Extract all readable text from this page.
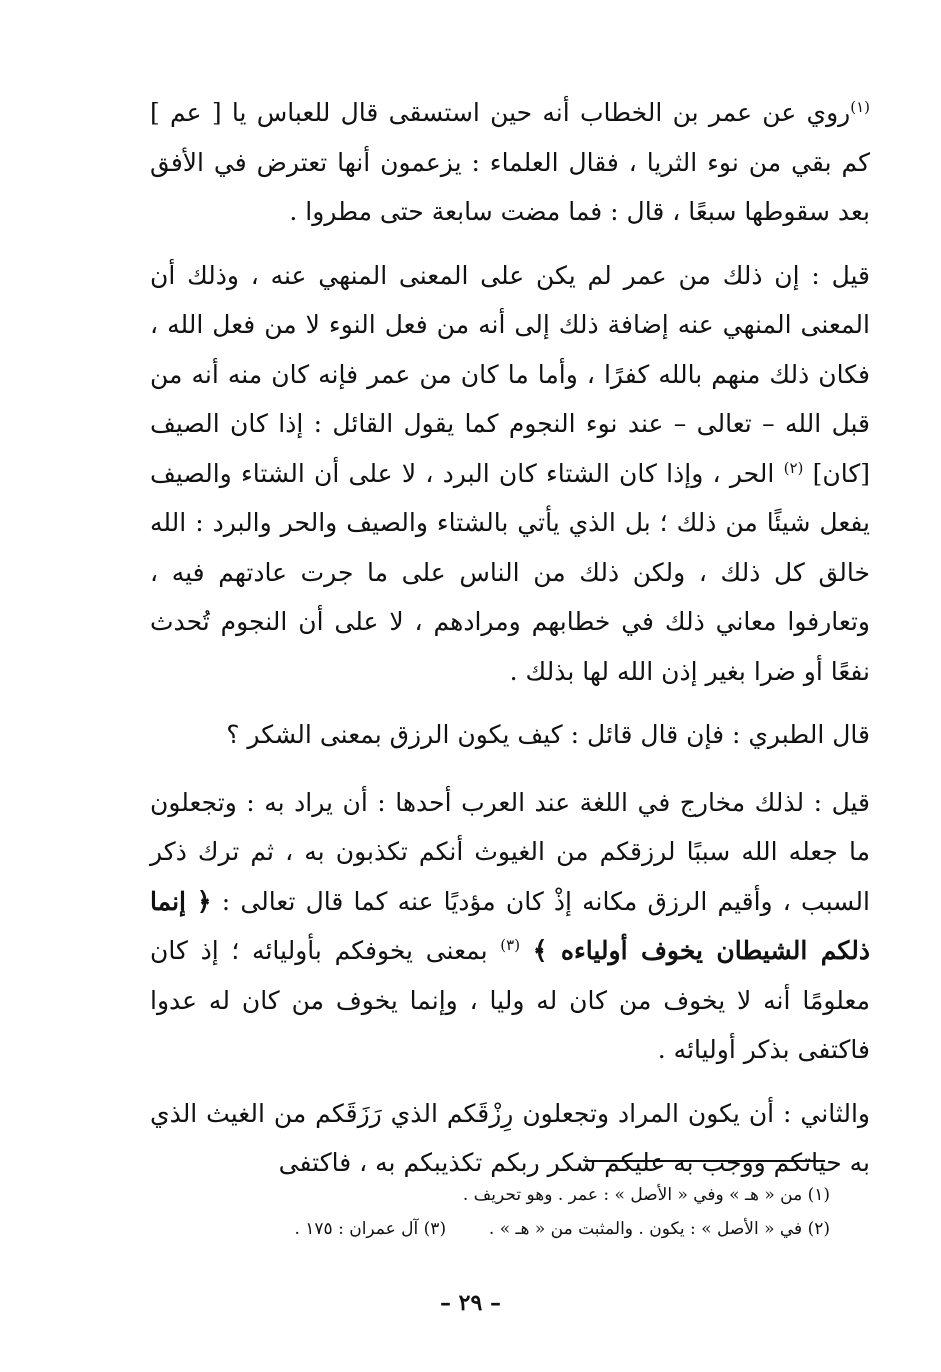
$^{(١)}$روي عن عمر بن الخطاب أنه حين استسقى قال للعباس يا [ عم ] كم بقي من نوء الثريا ، فقال العلماء : يزعمون أنها تعترض في الأفق بعد سقوطها سبعًا ، قال : فما مضت سابعة حتى مطروا .

قيل : إن ذلك من عمر لم يكن على المعنى المنهي عنه ، وذلك أن المعنى المنهي عنه إضافة ذلك إلى أنه من فعل النوء لا من فعل الله ، فكان ذلك منهم بالله كفرًا ، وأما ما كان من عمر فإنه كان منه أنه من قبل الله – تعالى – عند نوء النجوم كما يقول القائل : إذا كان الصيف [كان] $^{(٢)}$ الحر ، وإذا كان الشتاء كان البرد ، لا على أن الشتاء والصيف يفعل شيئًا من ذلك ؛ بل الذي يأتي بالشتاء والصيف والحر والبرد : الله خالق كل ذلك ، ولكن ذلك من الناس على ما جرت عادتهم فيه ، وتعارفوا معاني ذلك في خطابهم ومرادهم ، لا على أن النجوم تُحدث نفعًا أو ضرا بغير إذن الله لها بذلك .

قال الطبري : فإن قال قائل : كيف يكون الرزق بمعنى الشكر ؟

قيل : لذلك مخارج في اللغة عند العرب أحدها : أن يراد به : وتجعلون ما جعله الله سببًا لرزقكم من الغيوث أنكم تكذبون به ، ثم ترك ذكر السبب ، وأقيم الرزق مكانه إذْ كان مؤديًا عنه كما قال تعالى : ﴿ إنما ذلكم الشيطان يخوف أولياءه ﴾ $^{(٣)}$ بمعنى يخوفكم بأوليائه ؛ إذ كان معلومًا أنه لا يخوف من كان له وليا ، وإنما يخوف من كان له عدوا فاكتفى بذكر أوليائه .

والثاني : أن يكون المراد وتجعلون رِزْقَكم الذي رَزَقَكم من الغيث الذي به حياتكم ووجب به عليكم شكر ربكم تكذيبكم به ، فاكتفى

(١) من « هـ » وفي « الأصل » : عمر . وهو تحريف .
(٢) في « الأصل » : يكون . والمثبت من « هـ » .  (٣) آل عمران : ١٧٥ .
– ٢٩ –
